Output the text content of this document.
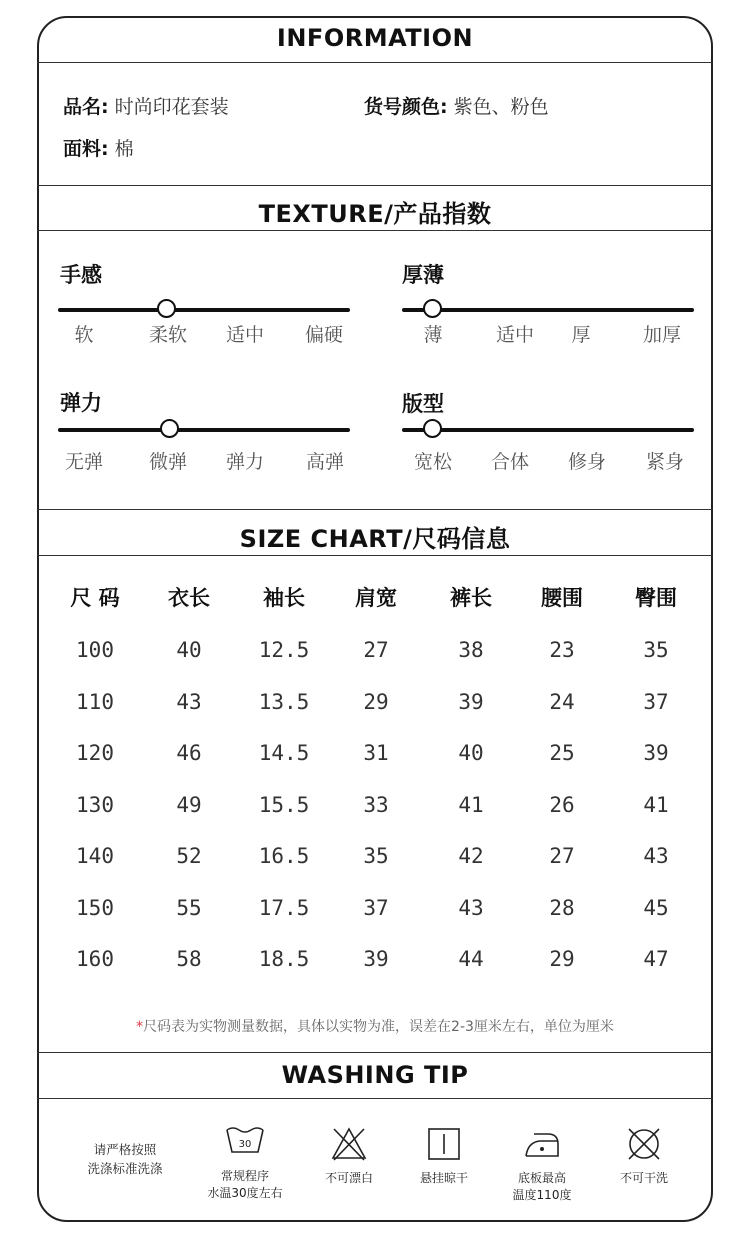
INFORMATION
品名: 时尚印花套装	货号颜色: 紫色、粉色
面料: 棉
TEXTURE/产品指数
手感
软	柔软	适中	偏硬
厚薄
薄	适中	厚	加厚
弹力
无弹	微弹	弹力	高弹
版型
宽松	合体	修身	紧身
SIZE CHART/尺码信息
尺 码	衣长	袖长	肩宽	裤长	腰围	臀围
100	40	12.5	27	38	23	35
110	43	13.5	29	39	24	37
120	46	14.5	31	40	25	39
130	49	15.5	33	41	26	41
140	52	16.5	35	42	27	43
150	55	17.5	37	43	28	45
160	58	18.5	39	44	29	47
*尺码表为实物测量数据，具体以实物为准，误差在2-3厘米左右，单位为厘米
WASHING TIP
请严格按照
洗涤标准洗涤
30
常规程序
水温30度左右
不可漂白	悬挂晾干	底板最高
温度110度
不可干洗
